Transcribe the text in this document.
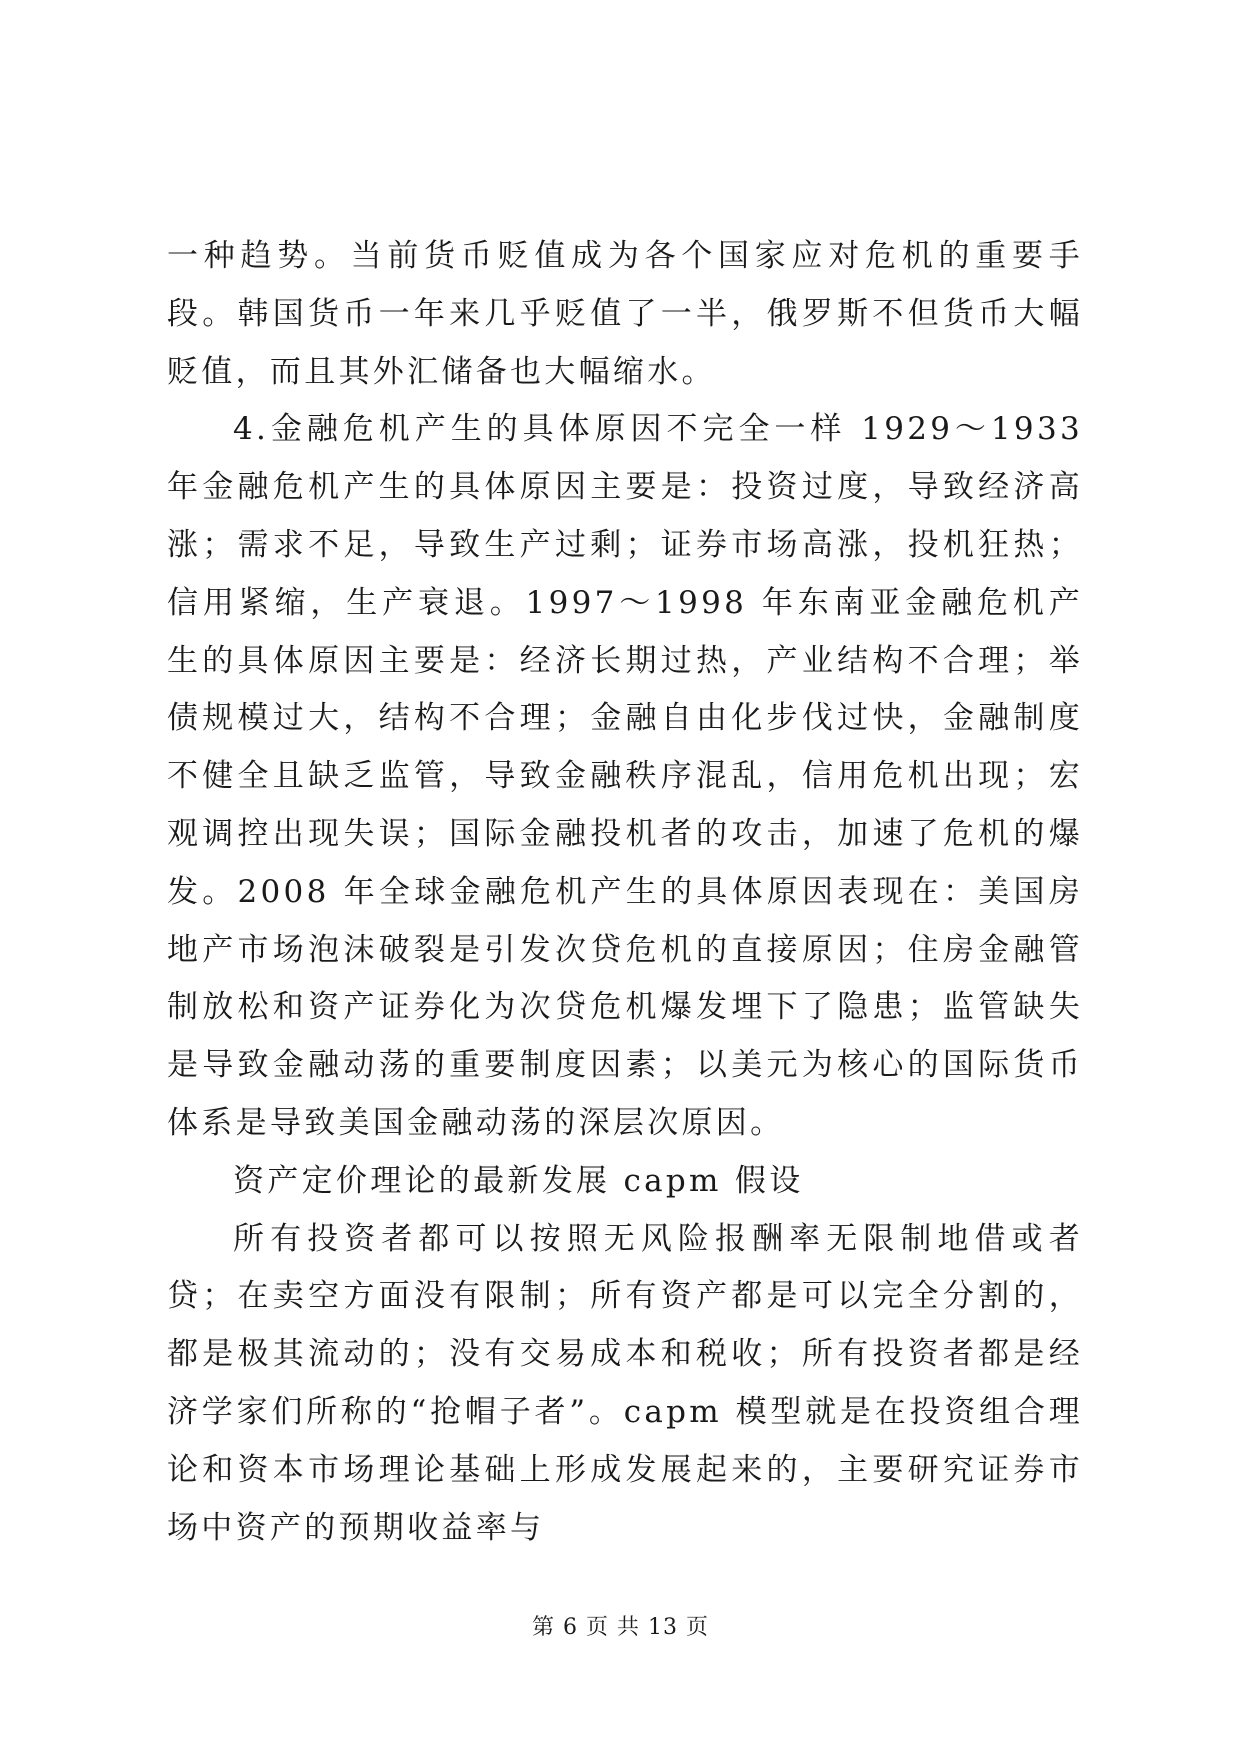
一种趋势。当前货币贬值成为各个国家应对危机的重要手段。韩国货币一年来几乎贬值了一半，俄罗斯不但货币大幅贬值，而且其外汇储备也大幅缩水。

4.金融危机产生的具体原因不完全一样 1929～1933 年金融危机产生的具体原因主要是：投资过度，导致经济高涨；需求不足，导致生产过剩；证券市场高涨，投机狂热；信用紧缩，生产衰退。1997～1998 年东南亚金融危机产生的具体原因主要是：经济长期过热，产业结构不合理；举债规模过大，结构不合理；金融自由化步伐过快，金融制度不健全且缺乏监管，导致金融秩序混乱，信用危机出现；宏观调控出现失误；国际金融投机者的攻击，加速了危机的爆发。2008 年全球金融危机产生的具体原因表现在：美国房地产市场泡沫破裂是引发次贷危机的直接原因；住房金融管制放松和资产证券化为次贷危机爆发埋下了隐患；监管缺失是导致金融动荡的重要制度因素；以美元为核心的国际货币体系是导致美国金融动荡的深层次原因。

资产定价理论的最新发展 capm 假设

所有投资者都可以按照无风险报酬率无限制地借或者贷；在卖空方面没有限制；所有资产都是可以完全分割的，都是极其流动的；没有交易成本和税收；所有投资者都是经济学家们所称的“抢帽子者”。capm 模型就是在投资组合理论和资本市场理论基础上形成发展起来的，主要研究证券市场中资产的预期收益率与

第 6 页 共 13 页
